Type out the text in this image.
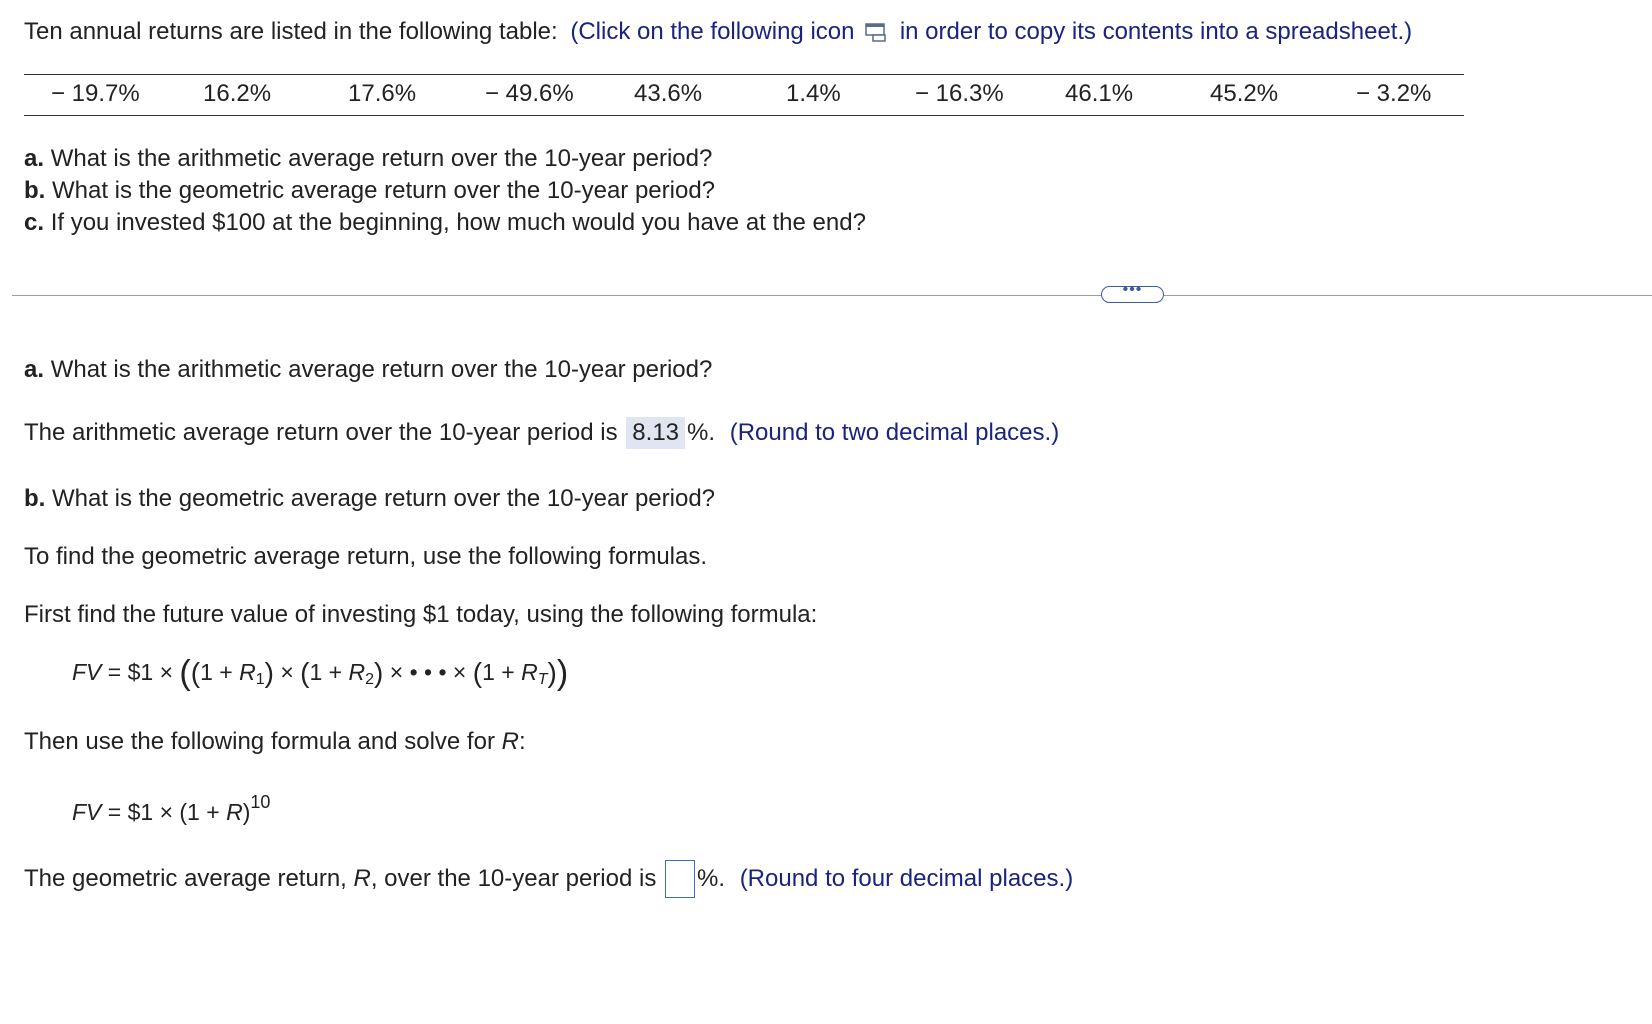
Ten annual returns are listed in the following table: (Click on the following icon in order to copy its contents into a spreadsheet.)
− 19.7%	16.2%	17.6%	− 49.6%	43.6%	1.4%	− 16.3%	46.1%	45.2%	− 3.2%
a. What is the arithmetic average return over the 10-year period?
b. What is the geometric average return over the 10-year period?
c. If you invested $100 at the beginning, how much would you have at the end?
•••
a. What is the arithmetic average return over the 10-year period?
The arithmetic average return over the 10-year period is 8.13 %. (Round to two decimal places.)
b. What is the geometric average return over the 10-year period?
To find the geometric average return, use the following formulas.
First find the future value of investing $1 today, using the following formula:
FV = $1 × ($(1 + R_1) \times (1 + R_2)$ × • • • × $(1 + R_T)$)
Then use the following formula and solve for R:
FV = $1 × $(1 + R)^{10}$
The geometric average return, R, over the 10-year period is %. (Round to four decimal places.)
